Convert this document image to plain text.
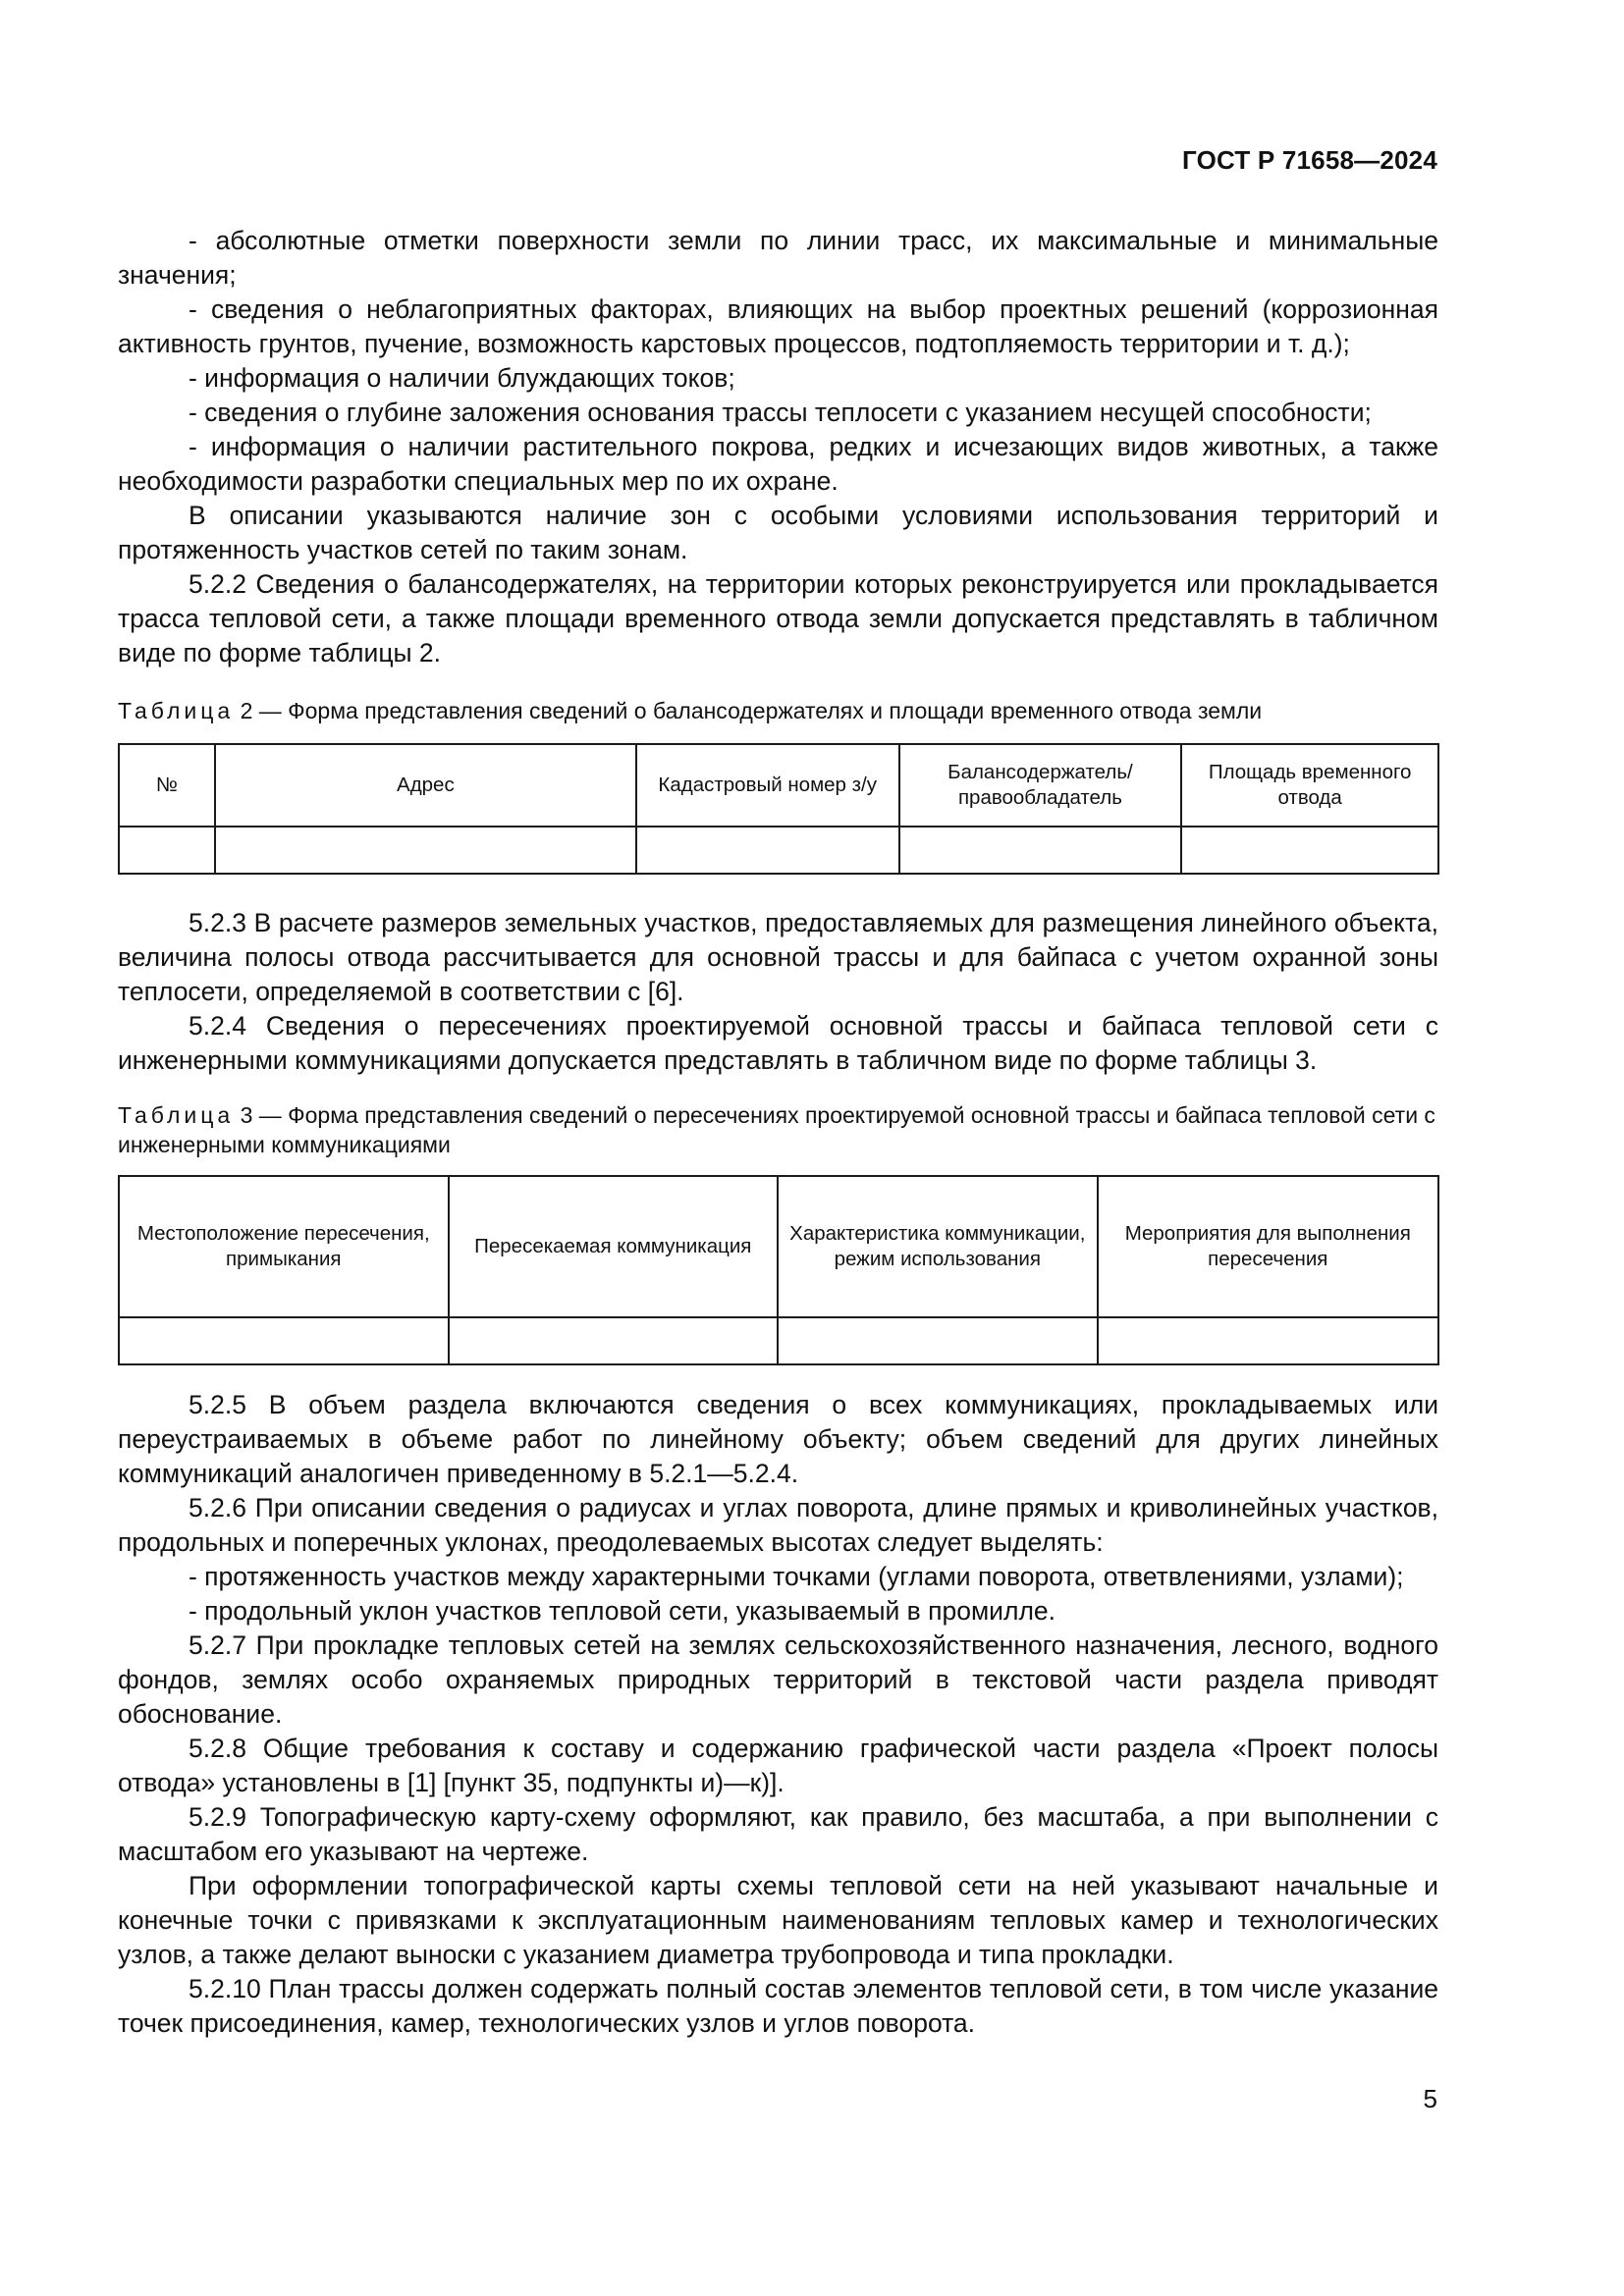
ГОСТ Р 71658—2024

- абсолютные отметки поверхности земли по линии трасс, их максимальные и минимальные значения;

- сведения о неблагоприятных факторах, влияющих на выбор проектных решений (коррозионная активность грунтов, пучение, возможность карстовых процессов, подтопляемость территории и т. д.);

- информация о наличии блуждающих токов;

- сведения о глубине заложения основания трассы теплосети с указанием несущей способности;

- информация о наличии растительного покрова, редких и исчезающих видов животных, а также необходимости разработки специальных мер по их охране.

В описании указываются наличие зон с особыми условиями использования территорий и протяженность участков сетей по таким зонам.

5.2.2 Сведения о балансодержателях, на территории которых реконструируется или прокладывается трасса тепловой сети, а также площади временного отвода земли допускается представлять в табличном виде по форме таблицы 2.

Таблица 2 — Форма представления сведений о балансодержателях и площади временного отвода земли
№	Адрес	Кадастровый номер з/у	Балансодержатель/ правообладатель	Площадь временного отвода

5.2.3 В расчете размеров земельных участков, предоставляемых для размещения линейного объекта, величина полосы отвода рассчитывается для основной трассы и для байпаса с учетом охранной зоны теплосети, определяемой в соответствии с [6].

5.2.4 Сведения о пересечениях проектируемой основной трассы и байпаса тепловой сети с инженерными коммуникациями допускается представлять в табличном виде по форме таблицы 3.

Таблица 3 — Форма представления сведений о пересечениях проектируемой основной трассы и байпаса тепловой сети с инженерными коммуникациями
Местоположение пересечения, примыкания	Пересекаемая коммуникация	Характеристика коммуникации, режим использования	Мероприятия для выполнения пересечения

5.2.5 В объем раздела включаются сведения о всех коммуникациях, прокладываемых или переустраиваемых в объеме работ по линейному объекту; объем сведений для других линейных коммуникаций аналогичен приведенному в 5.2.1—5.2.4.

5.2.6 При описании сведения о радиусах и углах поворота, длине прямых и криволинейных участков, продольных и поперечных уклонах, преодолеваемых высотах следует выделять:

- протяженность участков между характерными точками (углами поворота, ответвлениями, узлами);

- продольный уклон участков тепловой сети, указываемый в промилле.

5.2.7 При прокладке тепловых сетей на землях сельскохозяйственного назначения, лесного, водного фондов, землях особо охраняемых природных территорий в текстовой части раздела приводят обоснование.

5.2.8 Общие требования к составу и содержанию графической части раздела «Проект полосы отвода» установлены в [1] [пункт 35, подпункты и)—к)].

5.2.9 Топографическую карту-схему оформляют, как правило, без масштаба, а при выполнении с масштабом его указывают на чертеже.

При оформлении топографической карты схемы тепловой сети на ней указывают начальные и конечные точки с привязками к эксплуатационным наименованиям тепловых камер и технологических узлов, а также делают выноски с указанием диаметра трубопровода и типа прокладки.

5.2.10 План трассы должен содержать полный состав элементов тепловой сети, в том числе указание точек присоединения, камер, технологических узлов и углов поворота.

5
